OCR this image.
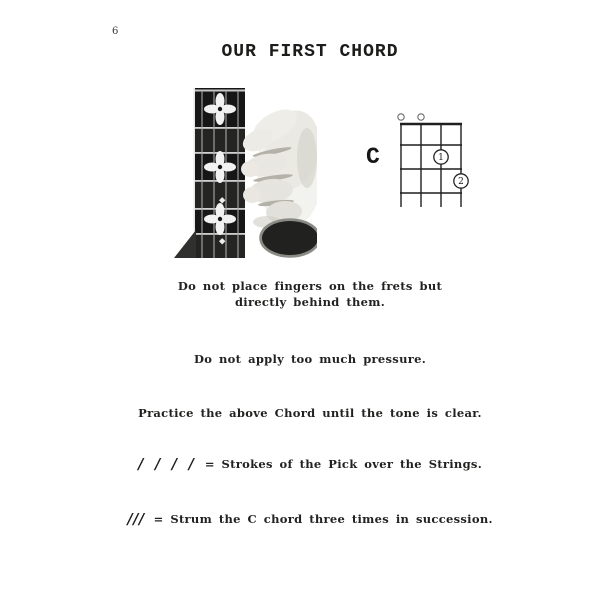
6
OUR FIRST CHORD
C	1
2
Do not place fingers on the frets but
directly behind them.
Do not apply too much pressure.
Practice the above Chord until the tone is clear.
/ / / / = Strokes of the Pick over the Strings.
/// = Strum the C chord three times in succession.
